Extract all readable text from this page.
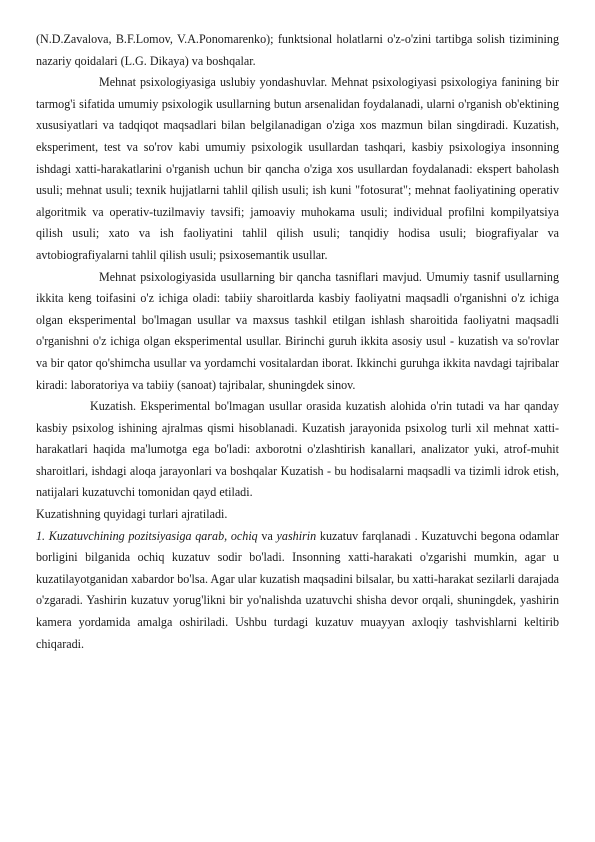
(N.D.Zavalova, B.F.Lomov, V.A.Ponomarenko); funktsional holatlarni o'z-o'zini tartibga solish tizimining nazariy qoidalari (L.G. Dikaya) va boshqalar.

Mehnat psixologiyasiga uslubiy yondashuvlar. Mehnat psixologiyasi psixologiya fanining bir tarmog'i sifatida umumiy psixologik usullarning butun arsenalidan foydalanadi, ularni o'rganish ob'ektining xususiyatlari va tadqiqot maqsadlari bilan belgilanadigan o'ziga xos mazmun bilan singdiradi. Kuzatish, eksperiment, test va so'rov kabi umumiy psixologik usullardan tashqari, kasbiy psixologiya insonning ishdagi xatti-harakatlarini o'rganish uchun bir qancha o'ziga xos usullardan foydalanadi: ekspert baholash usuli; mehnat usuli; texnik hujjatlarni tahlil qilish usuli; ish kuni "fotosurat"; mehnat faoliyatining operativ algoritmik va operativ-tuzilmaviy tavsifi; jamoaviy muhokama usuli; individual profilni kompilyatsiya qilish usuli; xato va ish faoliyatini tahlil qilish usuli; tanqidiy hodisa usuli; biografiyalar va avtobiografiyalarni tahlil qilish usuli; psixosemantik usullar.

Mehnat psixologiyasida usullarning bir qancha tasniflari mavjud. Umumiy tasnif usullarning ikkita keng toifasini o'z ichiga oladi: tabiiy sharoitlarda kasbiy faoliyatni maqsadli o'rganishni o'z ichiga olgan eksperimental bo'lmagan usullar va maxsus tashkil etilgan ishlash sharoitida faoliyatni maqsadli o'rganishni o'z ichiga olgan eksperimental usullar. Birinchi guruh ikkita asosiy usul - kuzatish va so'rovlar va bir qator qo'shimcha usullar va yordamchi vositalardan iborat. Ikkinchi guruhga ikkita navdagi tajribalar kiradi: laboratoriya va tabiiy (sanoat) tajribalar, shuningdek sinov.

Kuzatish. Eksperimental bo'lmagan usullar orasida kuzatish alohida o'rin tutadi va har qanday kasbiy psixolog ishining ajralmas qismi hisoblanadi. Kuzatish jarayonida psixolog turli xil mehnat xatti-harakatlari haqida ma'lumotga ega bo'ladi: axborotni o'zlashtirish kanallari, analizator yuki, atrof-muhit sharoitlari, ishdagi aloqa jarayonlari va boshqalar Kuzatish - bu hodisalarni maqsadli va tizimli idrok etish, natijalari kuzatuvchi tomonidan qayd etiladi.

Kuzatishning quyidagi turlari ajratiladi.

1. Kuzatuvchining pozitsiyasiga qarab, ochiq va yashirin kuzatuv farqlanadi . Kuzatuvchi begona odamlar borligini bilganida ochiq kuzatuv sodir bo'ladi. Insonning xatti-harakati o'zgarishi mumkin, agar u kuzatilayotganidan xabardor bo'lsa. Agar ular kuzatish maqsadini bilsalar, bu xatti-harakat sezilarli darajada o'zgaradi. Yashirin kuzatuv yorug'likni bir yo'nalishda uzatuvchi shisha devor orqali, shuningdek, yashirin kamera yordamida amalga oshiriladi. Ushbu turdagi kuzatuv muayyan axloqiy tashvishlarni keltirib chiqaradi.
